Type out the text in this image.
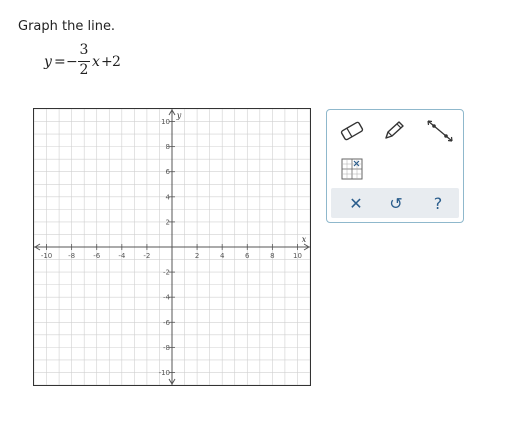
Graph the line.
y = −
3
2 x + 2
-10 -8	-6	-4	-2	2	4	6	8	10
10
8
6
4
2
-2
-4
-6
-8
-10
x
y
✕	↺	?
